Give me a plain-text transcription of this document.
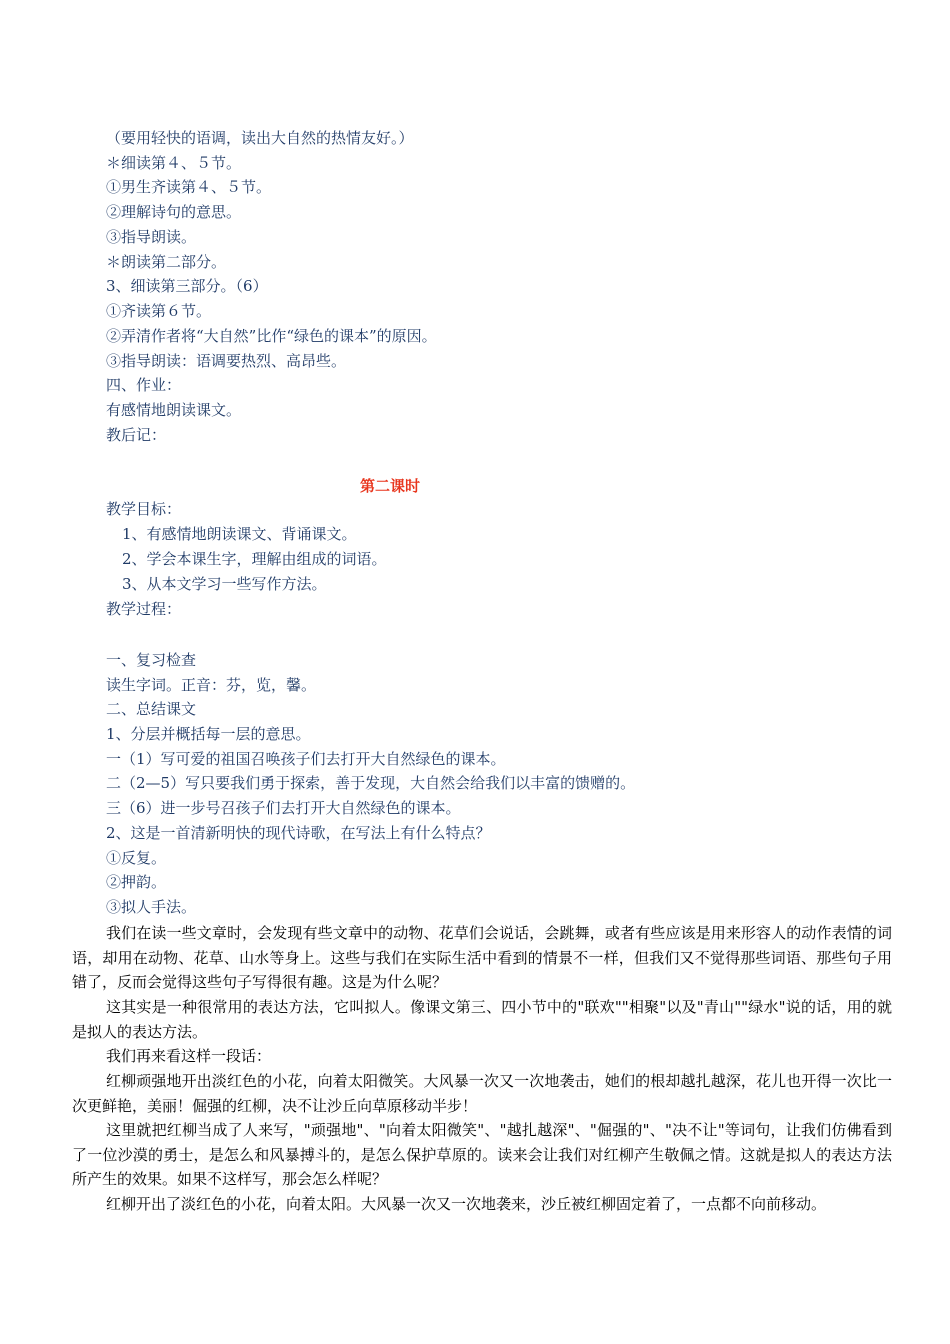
（要用轻快的语调，读出大自然的热情友好。）
＊细读第４、５节。
①男生齐读第４、５节。
②理解诗句的意思。
③指导朗读。
＊朗读第二部分。
3、细读第三部分。（6）
①齐读第６节。
②弄清作者将“大自然”比作“绿色的课本”的原因。
③指导朗读：语调要热烈、高昂些。
四、作业：
有感情地朗读课文。
教后记：
第二课时
教学目标：
1、有感情地朗读课文、背诵课文。
2、学会本课生字，理解由组成的词语。
3、从本文学习一些写作方法。
教学过程：
一、复习检查
读生字词。正音：芬，览，馨。
二、总结课文
1、分层并概括每一层的意思。
一（1）写可爱的祖国召唤孩子们去打开大自然绿色的课本。
二（2—5）写只要我们勇于探索，善于发现，大自然会给我们以丰富的馈赠的。
三（6）进一步号召孩子们去打开大自然绿色的课本。
2、这是一首清新明快的现代诗歌，在写法上有什么特点？
①反复。
②押韵。
③拟人手法。
我们在读一些文章时，会发现有些文章中的动物、花草们会说话，会跳舞，或者有些应该是用来形容人的动作表情的词语，却用在动物、花草、山水等身上。这些与我们在实际生活中看到的情景不一样，但我们又不觉得那些词语、那些句子用错了，反而会觉得这些句子写得很有趣。这是为什么呢？
这其实是一种很常用的表达方法，它叫拟人。像课文第三、四小节中的"联欢""相聚"以及"青山""绿水"说的话，用的就是拟人的表达方法。
我们再来看这样一段话：
红柳顽强地开出淡红色的小花，向着太阳微笑。大风暴一次又一次地袭击，她们的根却越扎越深，花儿也开得一次比一次更鲜艳，美丽！倔强的红柳，决不让沙丘向草原移动半步！
这里就把红柳当成了人来写，"顽强地"、"向着太阳微笑"、"越扎越深"、"倔强的"、"决不让"等词句，让我们仿佛看到了一位沙漠的勇士，是怎么和风暴搏斗的，是怎么保护草原的。读来会让我们对红柳产生敬佩之情。这就是拟人的表达方法所产生的效果。如果不这样写，那会怎么样呢？
红柳开出了淡红色的小花，向着太阳。大风暴一次又一次地袭来，沙丘被红柳固定着了，一点都不向前移动。
